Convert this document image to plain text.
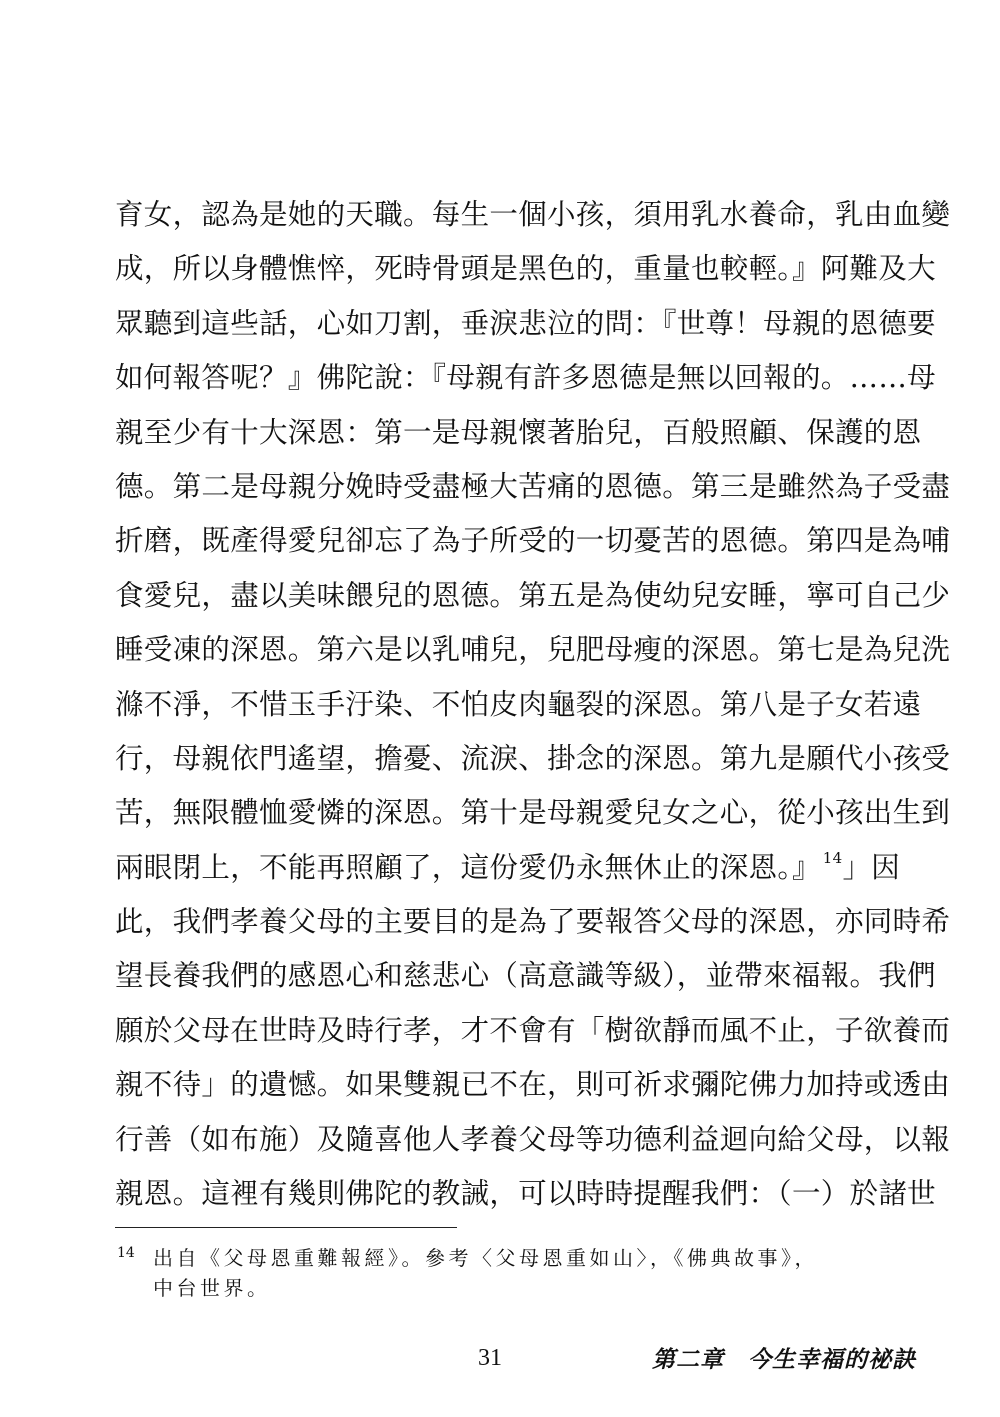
育女，認為是她的天職。每生一個小孩，須用乳水養命，乳由血變
成，所以身體憔悴，死時骨頭是黑色的，重量也較輕。』阿難及大
眾聽到這些話，心如刀割，垂淚悲泣的問：『世尊！母親的恩德要
如何報答呢？』佛陀說：『母親有許多恩德是無以回報的。……母
親至少有十大深恩：第一是母親懷著胎兒，百般照顧、保護的恩
德。第二是母親分娩時受盡極大苦痛的恩德。第三是雖然為子受盡
折磨，既產得愛兒卻忘了為子所受的一切憂苦的恩德。第四是為哺
食愛兒，盡以美味餵兒的恩德。第五是為使幼兒安睡，寧可自己少
睡受凍的深恩。第六是以乳哺兒，兒肥母瘦的深恩。第七是為兒洗
滌不淨，不惜玉手汙染、不怕皮肉龜裂的深恩。第八是子女若遠
行，母親依門遙望，擔憂、流淚、掛念的深恩。第九是願代小孩受
苦，無限體恤愛憐的深恩。第十是母親愛兒女之心，從小孩出生到
兩眼閉上，不能再照顧了，這份愛仍永無休止的深恩。』 $^{14}$」因
此，我們孝養父母的主要目的是為了要報答父母的深恩，亦同時希
望長養我們的感恩心和慈悲心（高意識等級），並帶來福報。我們
願於父母在世時及時行孝，才不會有「樹欲靜而風不止，子欲養而
親不待」的遺憾。如果雙親已不在，則可祈求彌陀佛力加持或透由
行善（如布施）及隨喜他人孝養父母等功德利益迴向給父母，以報
親恩。這裡有幾則佛陀的教誡，可以時時提醒我們：（一）於諸世
14 出自《父母恩重難報經》。參考〈父母恩重如山〉，《佛典故事》，
中台世界。
31	第二章　今生幸福的祕訣
